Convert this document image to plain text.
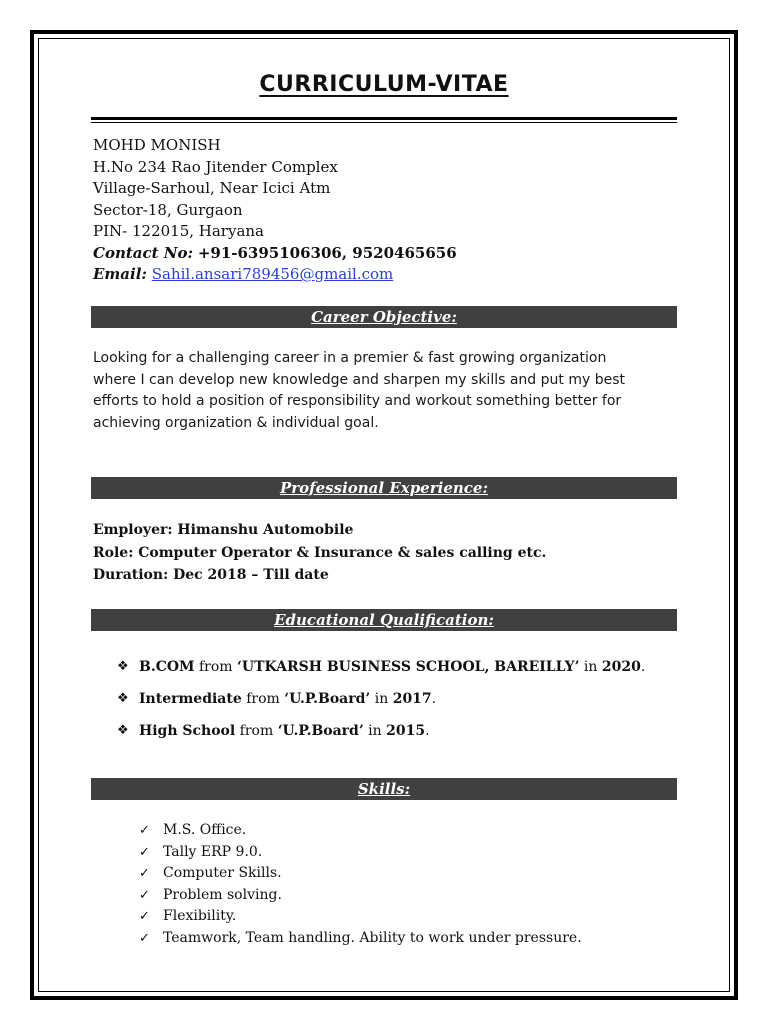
CURRICULUM-VITAE
MOHD MONISH
H.No 234 Rao Jitender Complex
Village-Sarhoul, Near Icici Atm
Sector-18, Gurgaon
PIN- 122015, Haryana
Contact No: +91-6395106306, 9520465656
Email: Sahil.ansari789456@gmail.com
Career Objective:
Looking for a challenging career in a premier & fast growing organization
where I can develop new knowledge and sharpen my skills and put my best
efforts to hold a position of responsibility and workout something better for
achieving organization & individual goal.
Professional Experience:
Employer: Himanshu Automobile
Role: Computer Operator & Insurance & sales calling etc.
Duration: Dec 2018 – Till date
Educational Qualification:
❖ B.COM from ‘UTKARSH BUSINESS SCHOOL, BAREILLY’ in 2020.
❖ Intermediate from ‘U.P.Board’ in 2017.
❖ High School from ‘U.P.Board’ in 2015.
Skills:
✓ M.S. Office.
✓ Tally ERP 9.0.
✓ Computer Skills.
✓ Problem solving.
✓ Flexibility.
✓ Teamwork, Team handling. Ability to work under pressure.
